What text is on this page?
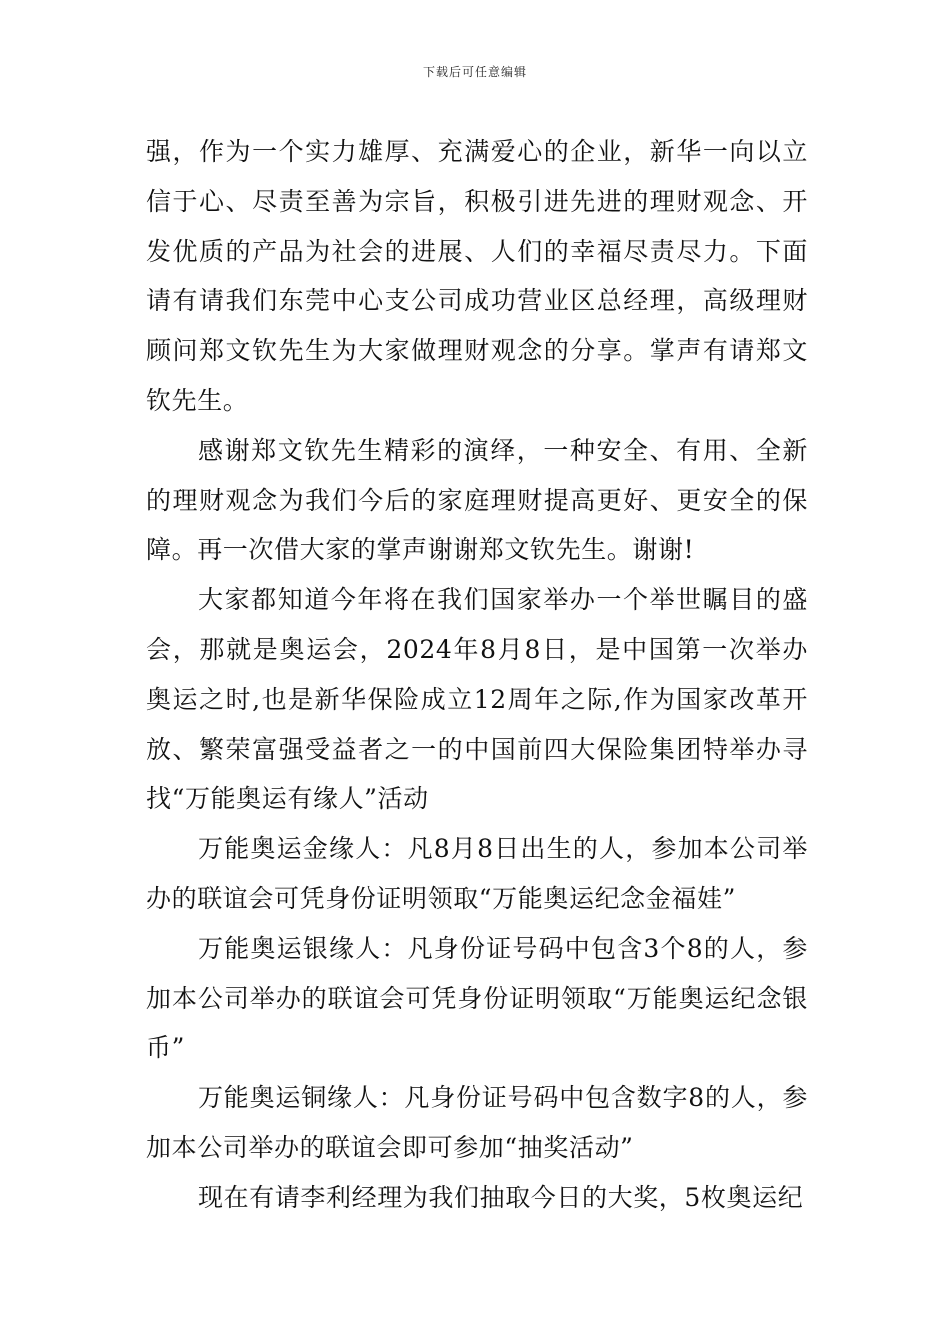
下载后可任意编辑

强，作为一个实力雄厚、充满爱心的企业，新华一向以立信于心、尽责至善为宗旨，积极引进先进的理财观念、开发优质的产品为社会的进展、人们的幸福尽责尽力。下面请有请我们东莞中心支公司成功营业区总经理，高级理财顾问郑文钦先生为大家做理财观念的分享。掌声有请郑文钦先生。

感谢郑文钦先生精彩的演绎，一种安全、有用、全新的理财观念为我们今后的家庭理财提高更好、更安全的保障。再一次借大家的掌声谢谢郑文钦先生。谢谢!

大家都知道今年将在我们国家举办一个举世瞩目的盛会，那就是奥运会，2024年8月8日，是中国第一次举办奥运之时,也是新华保险成立12周年之际,作为国家改革开放、繁荣富强受益者之一的中国前四大保险集团特举办寻找“万能奥运有缘人”活动

万能奥运金缘人：凡8月8日出生的人，参加本公司举办的联谊会可凭身份证明领取“万能奥运纪念金福娃”

万能奥运银缘人：凡身份证号码中包含3个8的人，参加本公司举办的联谊会可凭身份证明领取“万能奥运纪念银币”

万能奥运铜缘人：凡身份证号码中包含数字8的人，参加本公司举办的联谊会即可参加“抽奖活动”

现在有请李利经理为我们抽取今日的大奖，5枚奥运纪
